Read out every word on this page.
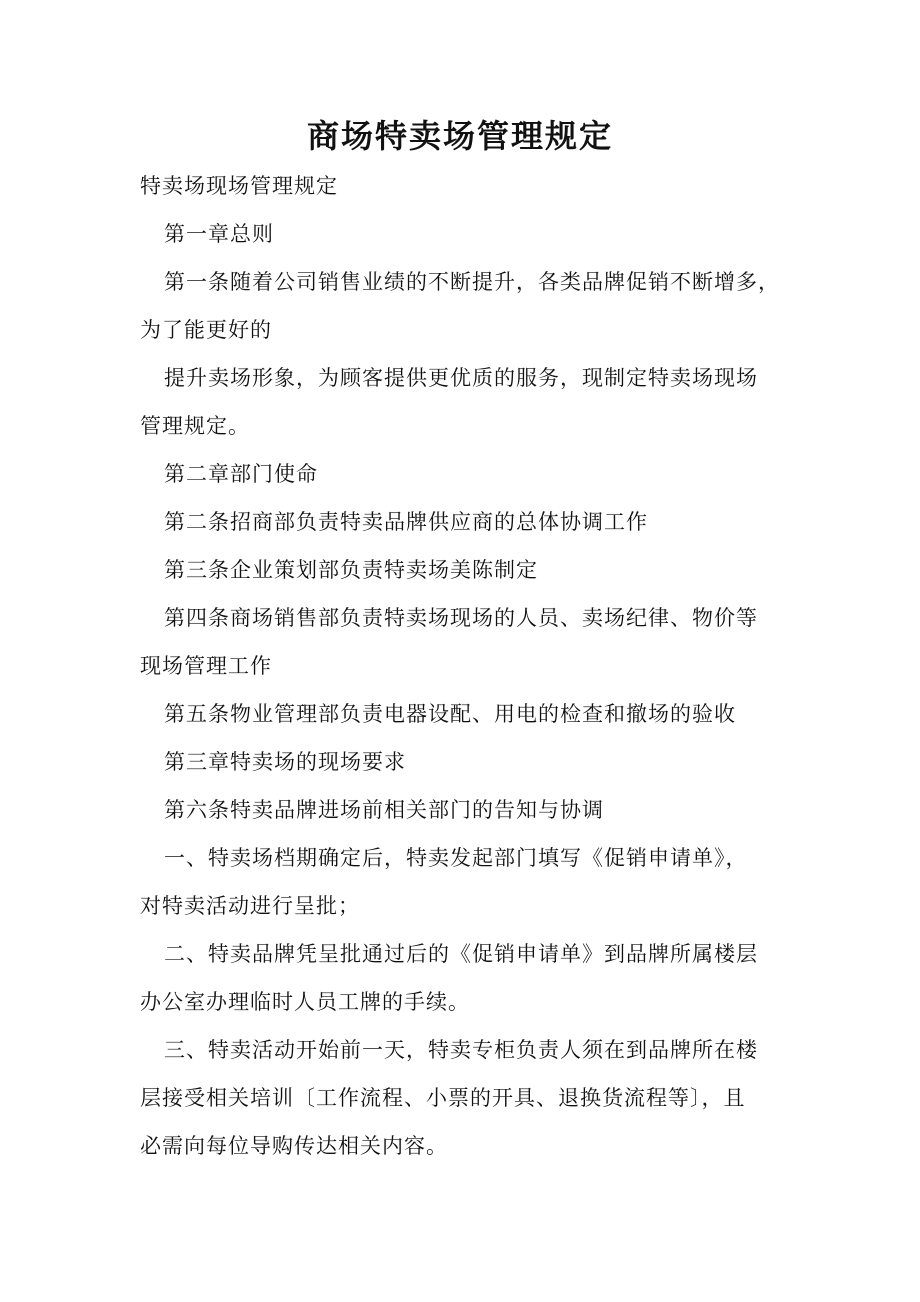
商场特卖场管理规定

特卖场现场管理规定

第一章总则

第一条随着公司销售业绩的不断提升，各类品牌促销不断增多，

为了能更好的

提升卖场形象，为顾客提供更优质的服务，现制定特卖场现场

管理规定。

第二章部门使命

第二条招商部负责特卖品牌供应商的总体协调工作

第三条企业策划部负责特卖场美陈制定

第四条商场销售部负责特卖场现场的人员、卖场纪律、物价等

现场管理工作

第五条物业管理部负责电器设配、用电的检查和撤场的验收

第三章特卖场的现场要求

第六条特卖品牌进场前相关部门的告知与协调

一、特卖场档期确定后，特卖发起部门填写《促销申请单》，

对特卖活动进行呈批；

二、特卖品牌凭呈批通过后的《促销申请单》到品牌所属楼层

办公室办理临时人员工牌的手续。

三、特卖活动开始前一天，特卖专柜负责人须在到品牌所在楼

层接受相关培训〔工作流程、小票的开具、退换货流程等〕，且

必需向每位导购传达相关内容。
